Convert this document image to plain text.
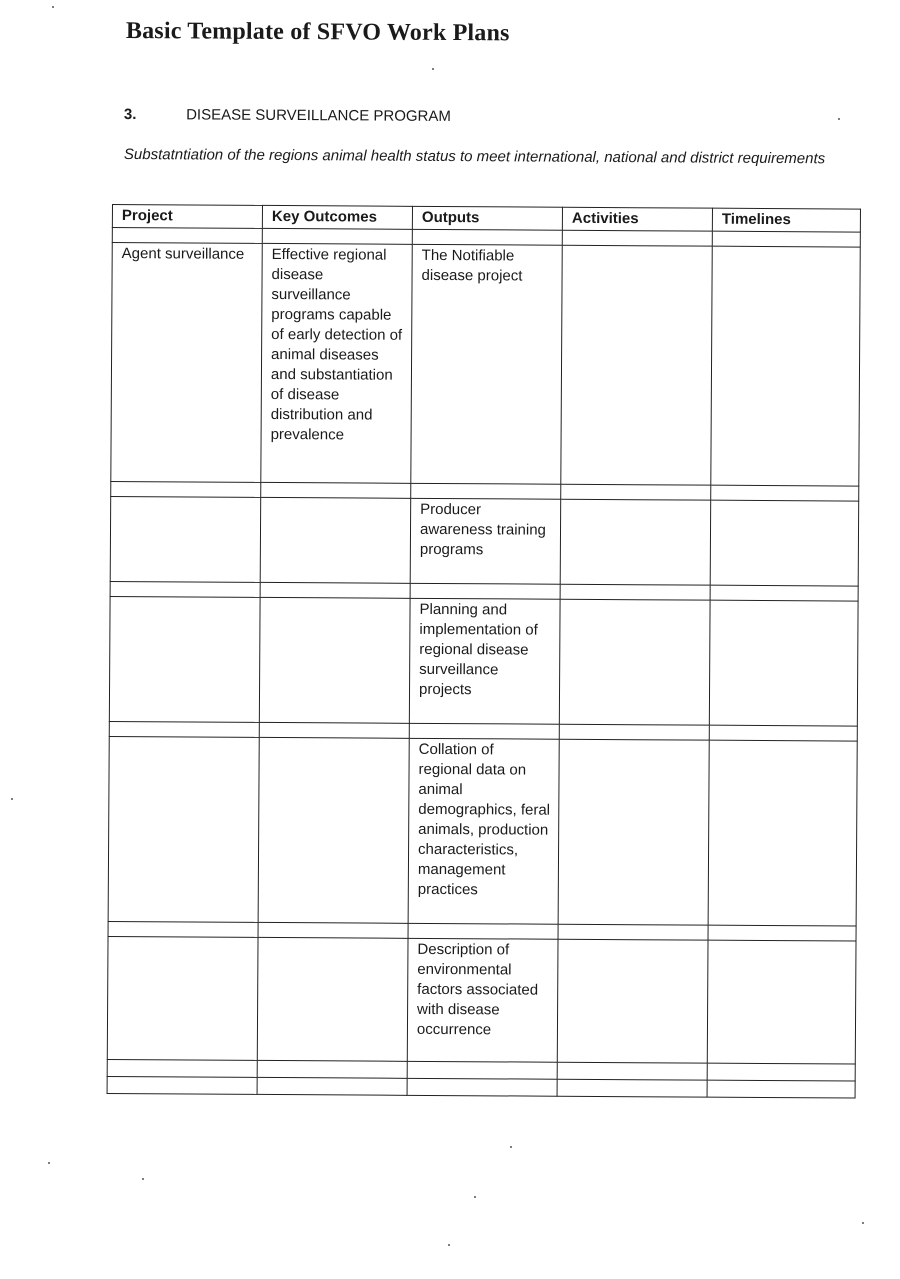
Basic Template of SFVO Work Plans
3.	DISEASE SURVEILLANCE PROGRAM
Substatntiation of the regions animal health status to meet international, national and district requirements
Project	Key Outcomes	Outputs	Activities	Timelines

Agent surveillance	Effective regional disease surveillance programs capable of early detection of animal diseases and substantiation of disease distribution and prevalence	The Notifiable disease project		

		Producer awareness training programs		

		Planning and implementation of regional disease surveillance projects		

		Collation of regional data on animal demographics, feral animals, production characteristics, management practices		

		Description of environmental factors associated with disease occurrence		
